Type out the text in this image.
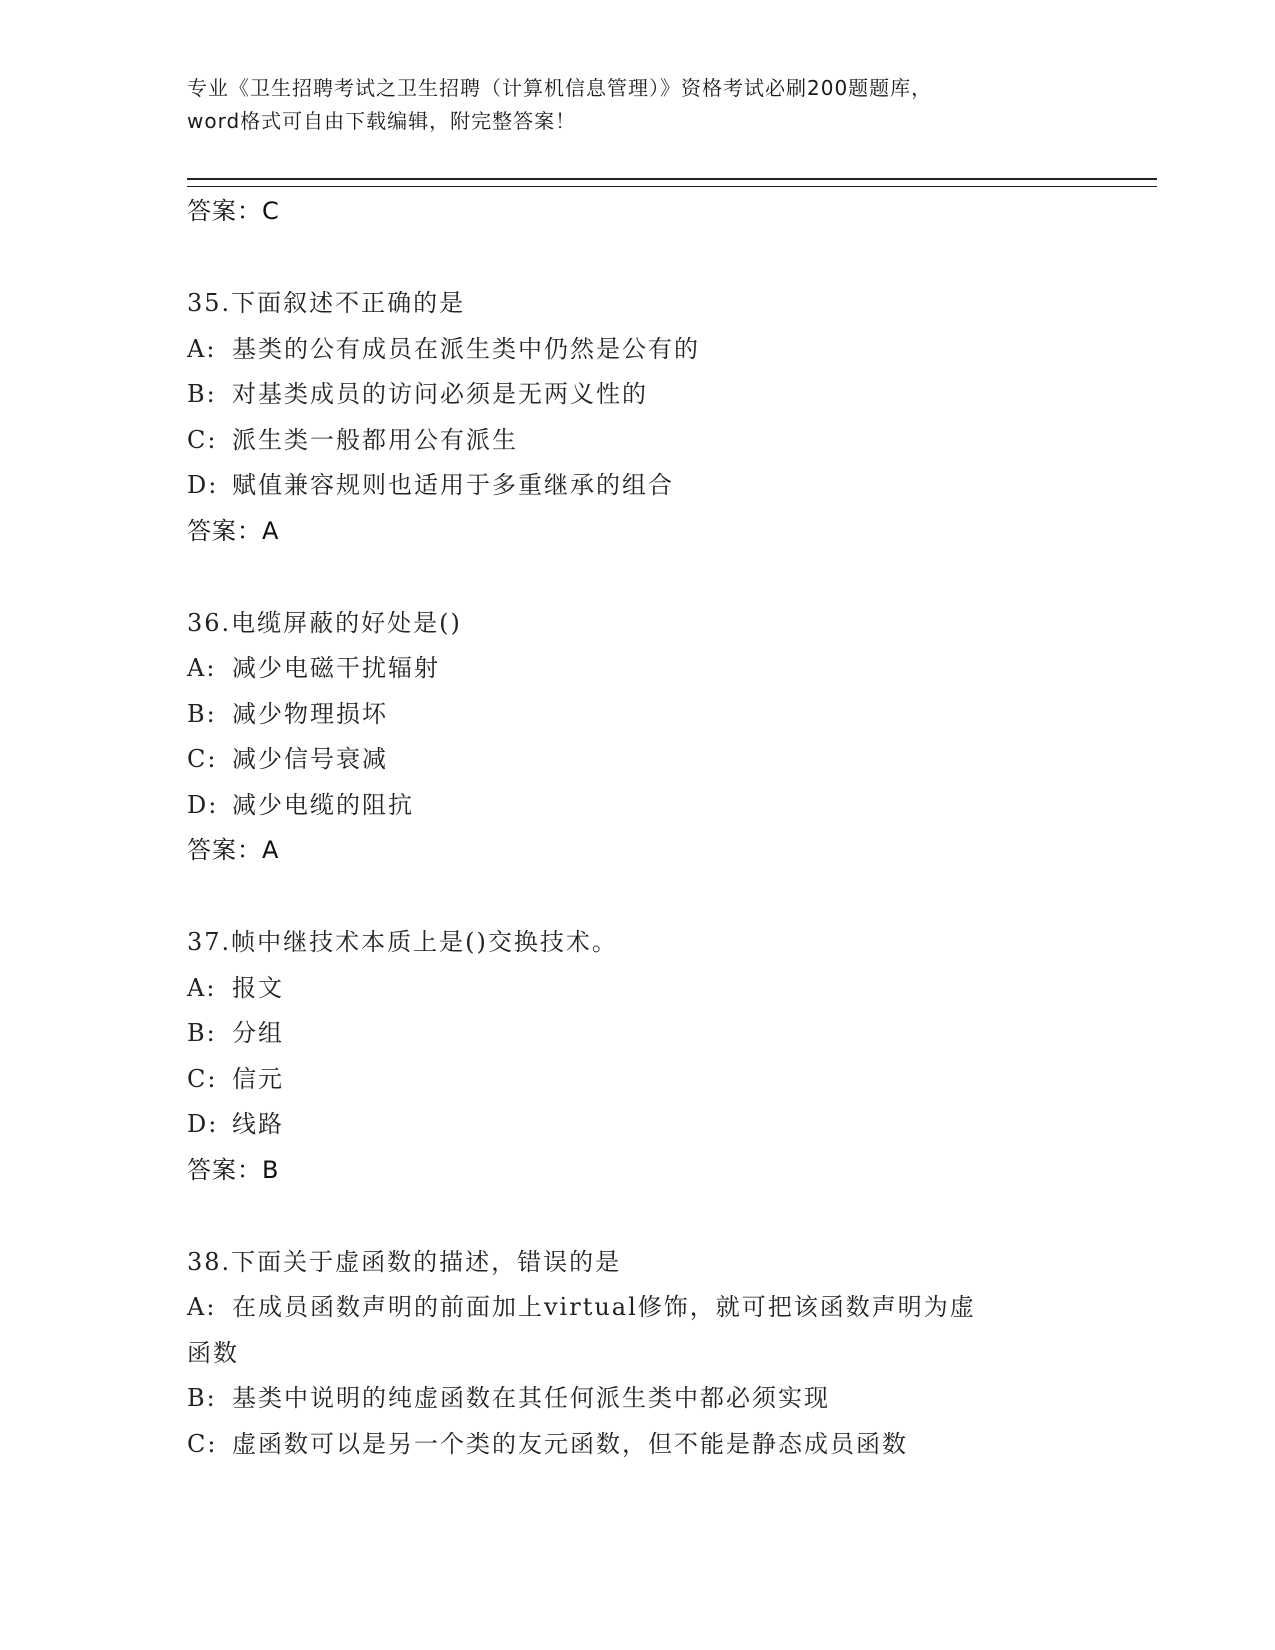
专业《卫生招聘考试之卫生招聘（计算机信息管理）》资格考试必刷200题题库，
word格式可自由下载编辑，附完整答案！
答案：C
35.下面叙述不正确的是
A: 基类的公有成员在派生类中仍然是公有的
B: 对基类成员的访问必须是无两义性的
C: 派生类一般都用公有派生
D: 赋值兼容规则也适用于多重继承的组合
答案：A
36.电缆屏蔽的好处是()
A: 减少电磁干扰辐射
B: 减少物理损坏
C: 减少信号衰减
D: 减少电缆的阻抗
答案：A
37.帧中继技术本质上是()交换技术。
A: 报文
B: 分组
C: 信元
D: 线路
答案：B
38.下面关于虚函数的描述，错误的是
A: 在成员函数声明的前面加上virtual修饰，就可把该函数声明为虚
函数
B: 基类中说明的纯虚函数在其任何派生类中都必须实现
C: 虚函数可以是另一个类的友元函数，但不能是静态成员函数
